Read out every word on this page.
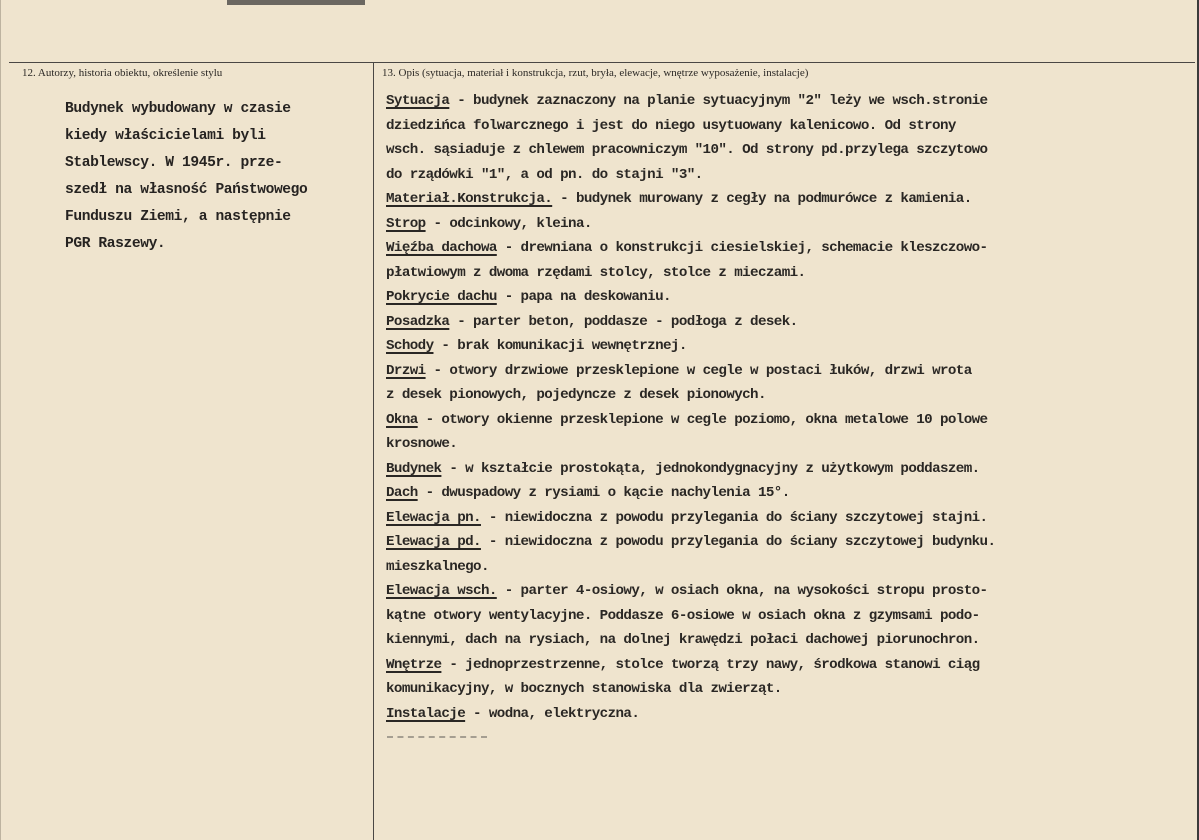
12. Autorzy, historia obiektu, określenie stylu	13. Opis (sytuacja, materiał i konstrukcja, rzut, bryła, elewacje, wnętrze wyposażenie, instalacje)
Budynek wybudowany w czasie
kiedy właścicielami byli
Stablewscy. W 1945r. prze-
szedł na własność Państwowego
Funduszu Ziemi, a następnie
PGR Raszewy.
Sytuacja - budynek zaznaczony na planie sytuacyjnym "2" leży we wsch.stronie
dziedzińca folwarcznego i jest do niego usytuowany kalenicowo. Od strony
wsch. sąsiaduje z chlewem pracowniczym "10". Od strony pd.przylega szczytowo
do rządówki "1", a od pn. do stajni "3".
Materiał.Konstrukcja. - budynek murowany z cegły na podmurówce z kamienia.
Strop - odcinkowy, kleina.
Więźba dachowa - drewniana o konstrukcji ciesielskiej, schemacie kleszczowo-
płatwiowym z dwoma rzędami stolcy, stolce z mieczami.
Pokrycie dachu - papa na deskowaniu.
Posadzka - parter beton, poddasze - podłoga z desek.
Schody - brak komunikacji wewnętrznej.
Drzwi - otwory drzwiowe przesklepione w cegle w postaci łuków, drzwi wrota
z desek pionowych, pojedyncze z desek pionowych.
Okna - otwory okienne przesklepione w cegle poziomo, okna metalowe 10 polowe
krosnowe.
Budynek - w kształcie prostokąta, jednokondygnacyjny z użytkowym poddaszem.
Dach - dwuspadowy z rysiami o kącie nachylenia 15°.
Elewacja pn. - niewidoczna z powodu przylegania do ściany szczytowej stajni.
Elewacja pd. - niewidoczna z powodu przylegania do ściany szczytowej budynku.
mieszkalnego.
Elewacja wsch. - parter 4-osiowy, w osiach okna, na wysokości stropu prosto-
kątne otwory wentylacyjne. Poddasze 6-osiowe w osiach okna z gzymsami podo-
kiennymi, dach na rysiach, na dolnej krawędzi połaci dachowej piorunochron.
Wnętrze - jednoprzestrzenne, stolce tworzą trzy nawy, środkowa stanowi ciąg
komunikacyjny, w bocznych stanowiska dla zwierząt.
Instalacje - wodna, elektryczna.
